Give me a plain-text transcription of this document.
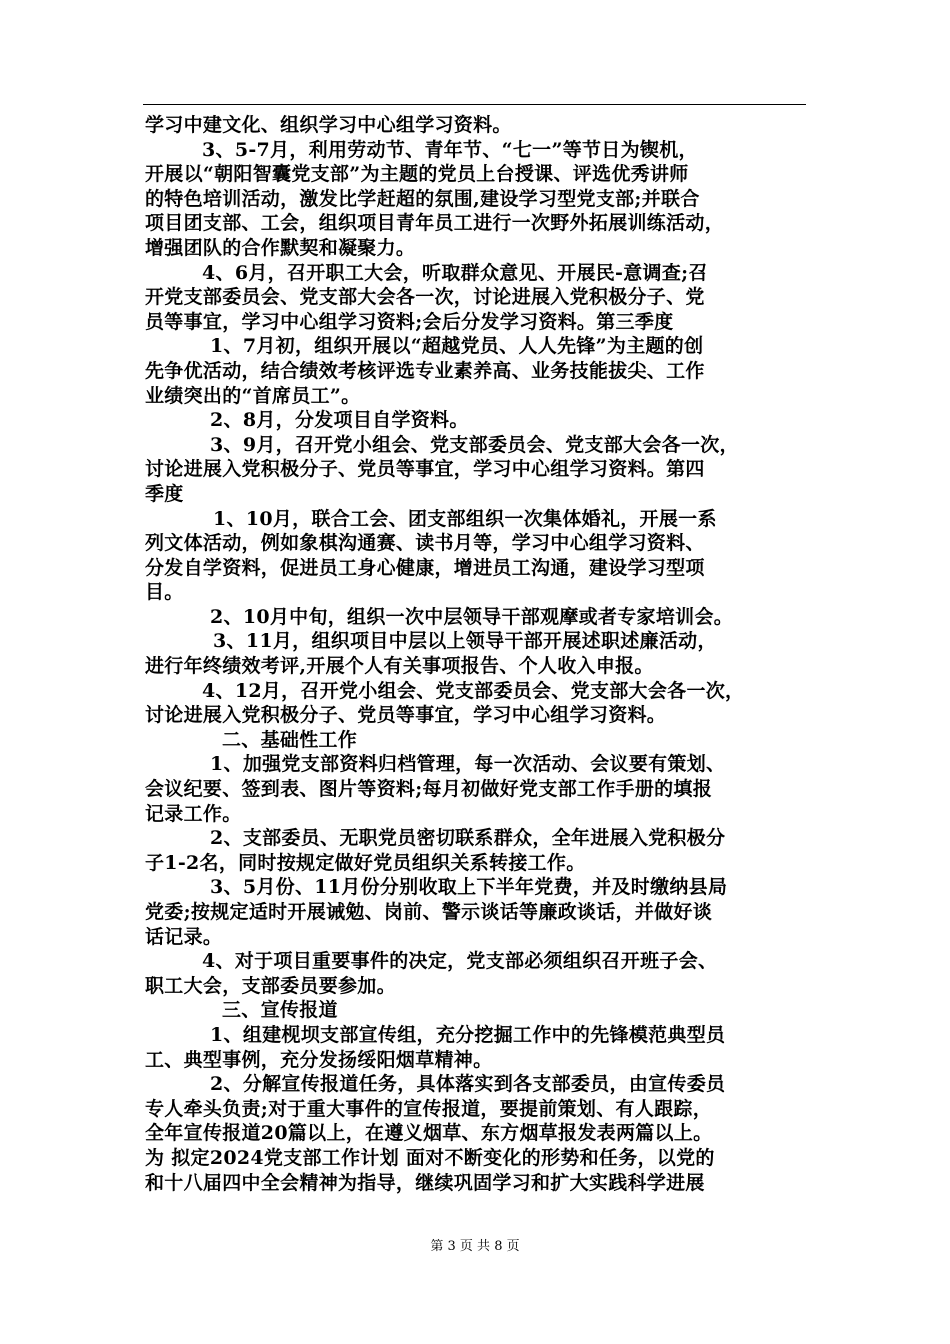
学习中建文化、组织学习中心组学习资料。
3、5-7月，利用劳动节、青年节、“七一”等节日为锲机，
开展以“朝阳智囊党支部”为主题的党员上台授课、评选优秀讲师
的特色培训活动，激发比学赶超的氛围,建设学习型党支部;并联合
项目团支部、工会，组织项目青年员工进行一次野外拓展训练活动，
增强团队的合作默契和凝聚力。
4、6月，召开职工大会，听取群众意见、开展民-意调查;召
开党支部委员会、党支部大会各一次，讨论进展入党积极分子、党
员等事宜，学习中心组学习资料;会后分发学习资料。第三季度
1、7月初，组织开展以“超越党员、人人先锋”为主题的创
先争优活动，结合绩效考核评选专业素养高、业务技能拔尖、工作
业绩突出的“首席员工”。
2、8月，分发项目自学资料。
3、9月，召开党小组会、党支部委员会、党支部大会各一次，
讨论进展入党积极分子、党员等事宜，学习中心组学习资料。第四
季度
1、10月，联合工会、团支部组织一次集体婚礼，开展一系
列文体活动，例如象棋沟通赛、读书月等，学习中心组学习资料、
分发自学资料，促进员工身心健康，增进员工沟通，建设学习型项
目。
2、10月中旬，组织一次中层领导干部观摩或者专家培训会。
3、11月，组织项目中层以上领导干部开展述职述廉活动，
进行年终绩效考评,开展个人有关事项报告、个人收入申报。
4、12月，召开党小组会、党支部委员会、党支部大会各一次，
讨论进展入党积极分子、党员等事宜，学习中心组学习资料。
二、基础性工作
1、加强党支部资料归档管理，每一次活动、会议要有策划、
会议纪要、签到表、图片等资料;每月初做好党支部工作手册的填报
记录工作。
2、支部委员、无职党员密切联系群众，全年进展入党积极分
子1-2名，同时按规定做好党员组织关系转接工作。
3、5月份、11月份分别收取上下半年党费，并及时缴纳县局
党委;按规定适时开展诫勉、岗前、警示谈话等廉政谈话，并做好谈
话记录。
4、对于项目重要事件的决定，党支部必须组织召开班子会、
职工大会，支部委员要参加。
三、宣传报道
1、组建枧坝支部宣传组，充分挖掘工作中的先锋模范典型员
工、典型事例，充分发扬绥阳烟草精神。
2、分解宣传报道任务，具体落实到各支部委员，由宣传委员
专人牵头负责;对于重大事件的宣传报道，要提前策划、有人跟踪，
全年宣传报道20篇以上，在遵义烟草、东方烟草报发表两篇以上。
为 拟定2024党支部工作计划 面对不断变化的形势和任务，以党的
和十八届四中全会精神为指导，继续巩固学习和扩大实践科学进展
第 3 页 共 8 页
